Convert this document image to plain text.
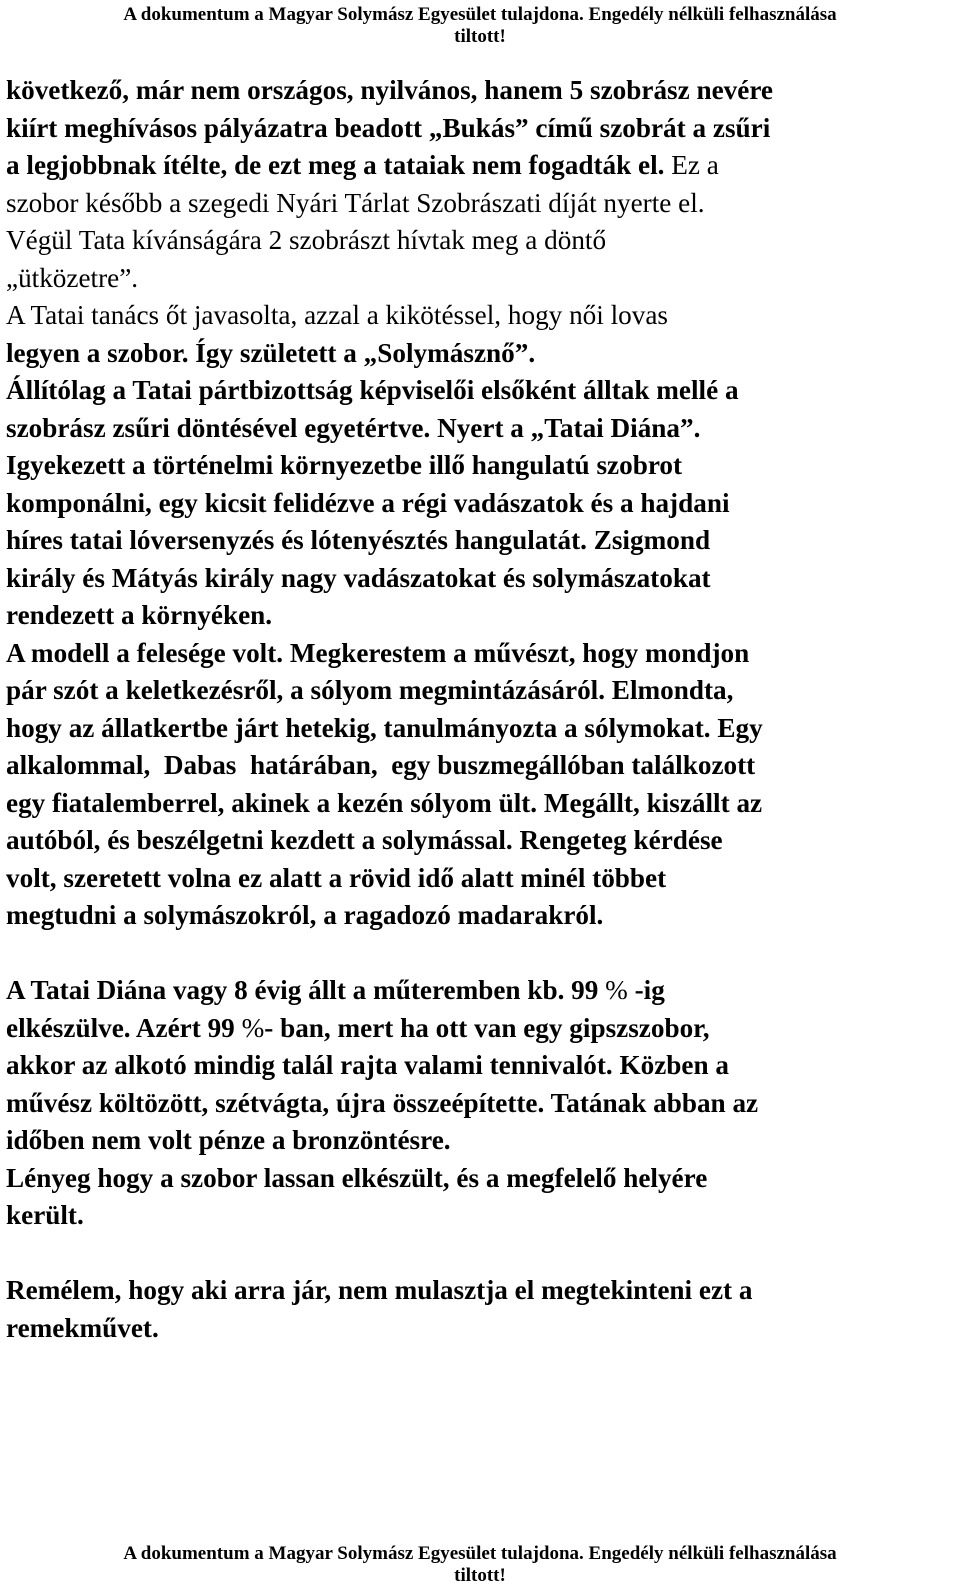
A dokumentum a Magyar Solymász Egyesület tulajdona. Engedély nélküli felhasználása
tiltott!
következő, már nem országos, nyilvános, hanem 5 szobrász nevére
kiírt meghívásos pályázatra beadott „Bukás” című szobrát a zsűri
a legjobbnak ítélte, de ezt meg a tataiak nem fogadták el. Ez a
szobor később a szegedi Nyári Tárlat Szobrászati díját nyerte el.
Végül Tata kívánságára 2 szobrászt hívtak meg a döntő
„ütközetre”.
A Tatai tanács őt javasolta, azzal a kikötéssel, hogy női lovas
legyen a szobor. Így született a „Solymásznő”.
Állítólag a Tatai pártbizottság képviselői elsőként álltak mellé a
szobrász zsűri döntésével egyetértve. Nyert a „Tatai Diána”.
Igyekezett a történelmi környezetbe illő hangulatú szobrot
komponálni, egy kicsit felidézve a régi vadászatok és a hajdani
híres tatai lóversenyzés és lótenyésztés hangulatát. Zsigmond
király és Mátyás király nagy vadászatokat és solymászatokat
rendezett a környéken.
A modell a felesége volt. Megkerestem a művészt, hogy mondjon
pár szót a keletkezésről, a sólyom megmintázásáról. Elmondta,
hogy az állatkertbe járt hetekig, tanulmányozta a sólymokat. Egy
alkalommal,  Dabas  határában,  egy buszmegállóban találkozott
egy fiatalemberrel, akinek a kezén sólyom ült. Megállt, kiszállt az
autóból, és beszélgetni kezdett a solymással. Rengeteg kérdése
volt, szeretett volna ez alatt a rövid idő alatt minél többet
megtudni a solymászokról, a ragadozó madarakról.
A Tatai Diána vagy 8 évig állt a műteremben kb. 99 % -ig
elkészülve. Azért 99 %- ban, mert ha ott van egy gipszszobor,
akkor az alkotó mindig talál rajta valami tennivalót. Közben a
művész költözött, szétvágta, újra összeépítette. Tatának abban az
időben nem volt pénze a bronzöntésre.
Lényeg hogy a szobor lassan elkészült, és a megfelelő helyére
került.
Remélem, hogy aki arra jár, nem mulasztja el megtekinteni ezt a
remekművet.
A dokumentum a Magyar Solymász Egyesület tulajdona. Engedély nélküli felhasználása
tiltott!
